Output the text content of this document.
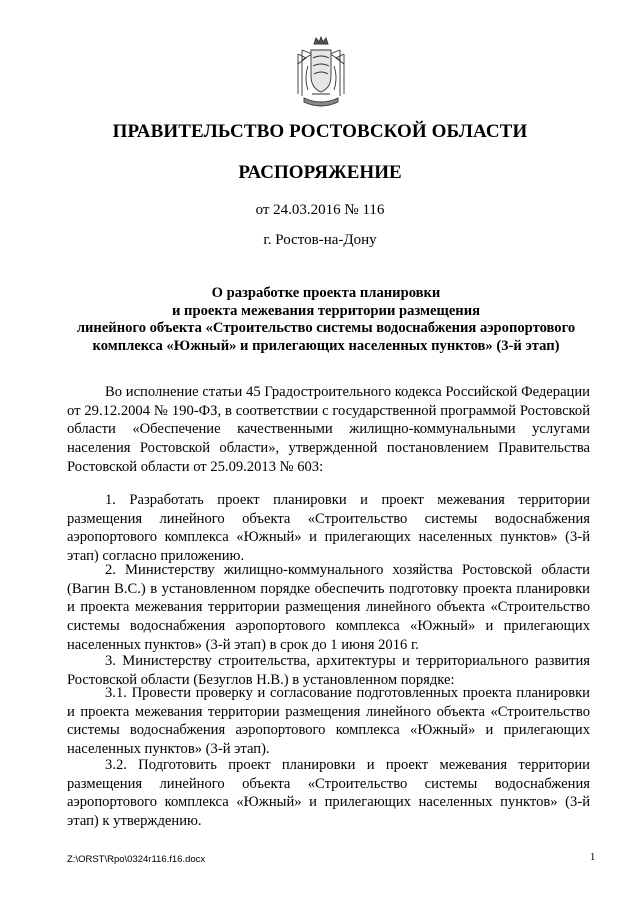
ПРАВИТЕЛЬСТВО РОСТОВСКОЙ ОБЛАСТИ
РАСПОРЯЖЕНИЕ
от 24.03.2016 № 116
г. Ростов-на-Дону
О разработке проекта планировки
и проекта межевания территории размещения
линейного объекта «Строительство системы водоснабжения аэропортового
комплекса «Южный» и прилегающих населенных пунктов» (3-й этап)

Во исполнение статьи 45 Градостроительного кодекса Российской Федерации от 29.12.2004 № 190-ФЗ, в соответствии с государственной программой Ростовской области «Обеспечение качественными жилищно-коммунальными услугами населения Ростовской области», утвержденной постановлением Правительства Ростовской области от 25.09.2013 № 603:

1. Разработать проект планировки и проект межевания территории размещения линейного объекта «Строительство системы водоснабжения аэропортового комплекса «Южный» и прилегающих населенных пунктов» (3-й этап) согласно приложению.

2. Министерству жилищно-коммунального хозяйства Ростовской области (Вагин В.С.) в установленном порядке обеспечить подготовку проекта планировки и проекта межевания территории размещения линейного объекта «Строительство системы водоснабжения аэропортового комплекса «Южный» и прилегающих населенных пунктов» (3-й этап) в срок до 1 июня 2016 г.

3. Министерству строительства, архитектуры и территориального развития Ростовской области (Безуглов Н.В.) в установленном порядке:

3.1. Провести проверку и согласование подготовленных проекта планировки и проекта межевания территории размещения линейного объекта «Строительство системы водоснабжения аэропортового комплекса «Южный» и прилегающих населенных пунктов» (3-й этап).

3.2. Подготовить проект планировки и проект межевания территории размещения линейного объекта «Строительство системы водоснабжения аэропортового комплекса «Южный» и прилегающих населенных пунктов» (3-й этап) к утверждению.

Z:\ORST\Rpo\0324r116.f16.docx	1
